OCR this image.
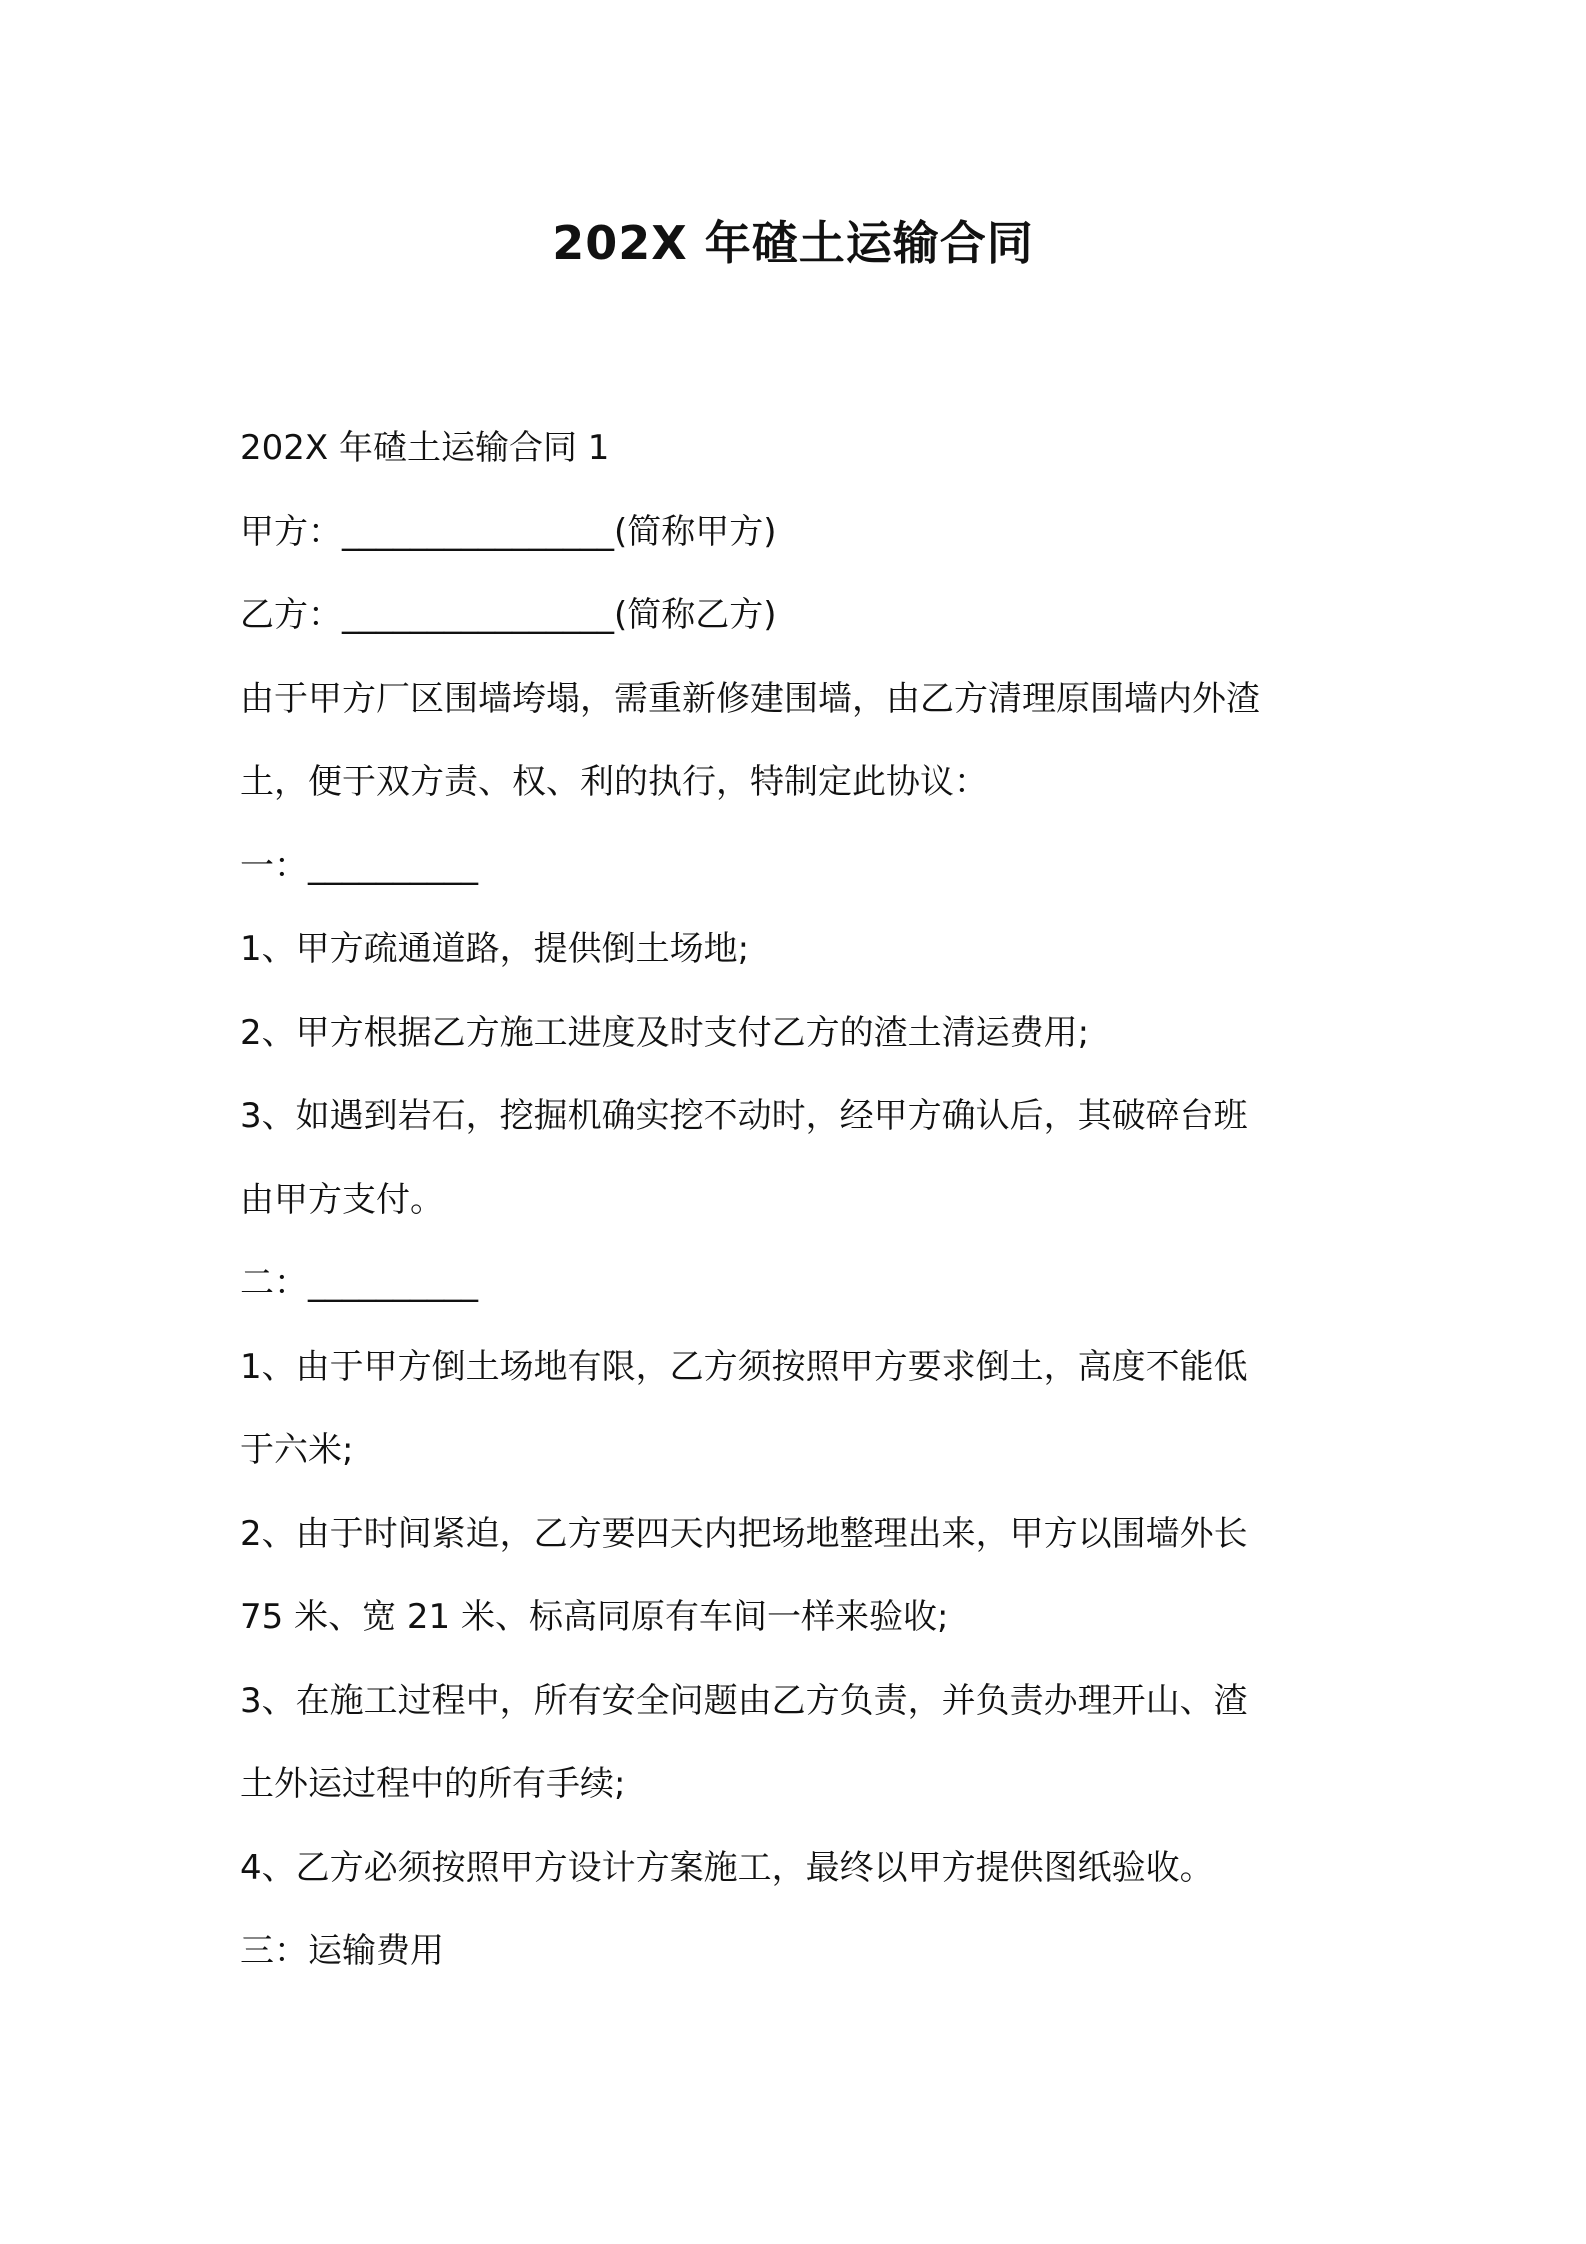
202X 年碴土运输合同
202X 年碴土运输合同 1
甲方：________________(简称甲方)
乙方：________________(简称乙方)
由于甲方厂区围墙垮塌，需重新修建围墙，由乙方清理原围墙内外渣
土，便于双方责、权、利的执行，特制定此协议：
一：__________
1、甲方疏通道路，提供倒土场地;
2、甲方根据乙方施工进度及时支付乙方的渣土清运费用;
3、如遇到岩石，挖掘机确实挖不动时，经甲方确认后，其破碎台班
由甲方支付。
二：__________
1、由于甲方倒土场地有限，乙方须按照甲方要求倒土，高度不能低
于六米;
2、由于时间紧迫，乙方要四天内把场地整理出来，甲方以围墙外长
75 米、宽 21 米、标高同原有车间一样来验收;
3、在施工过程中，所有安全问题由乙方负责，并负责办理开山、渣
土外运过程中的所有手续;
4、乙方必须按照甲方设计方案施工，最终以甲方提供图纸验收。
三：运输费用
